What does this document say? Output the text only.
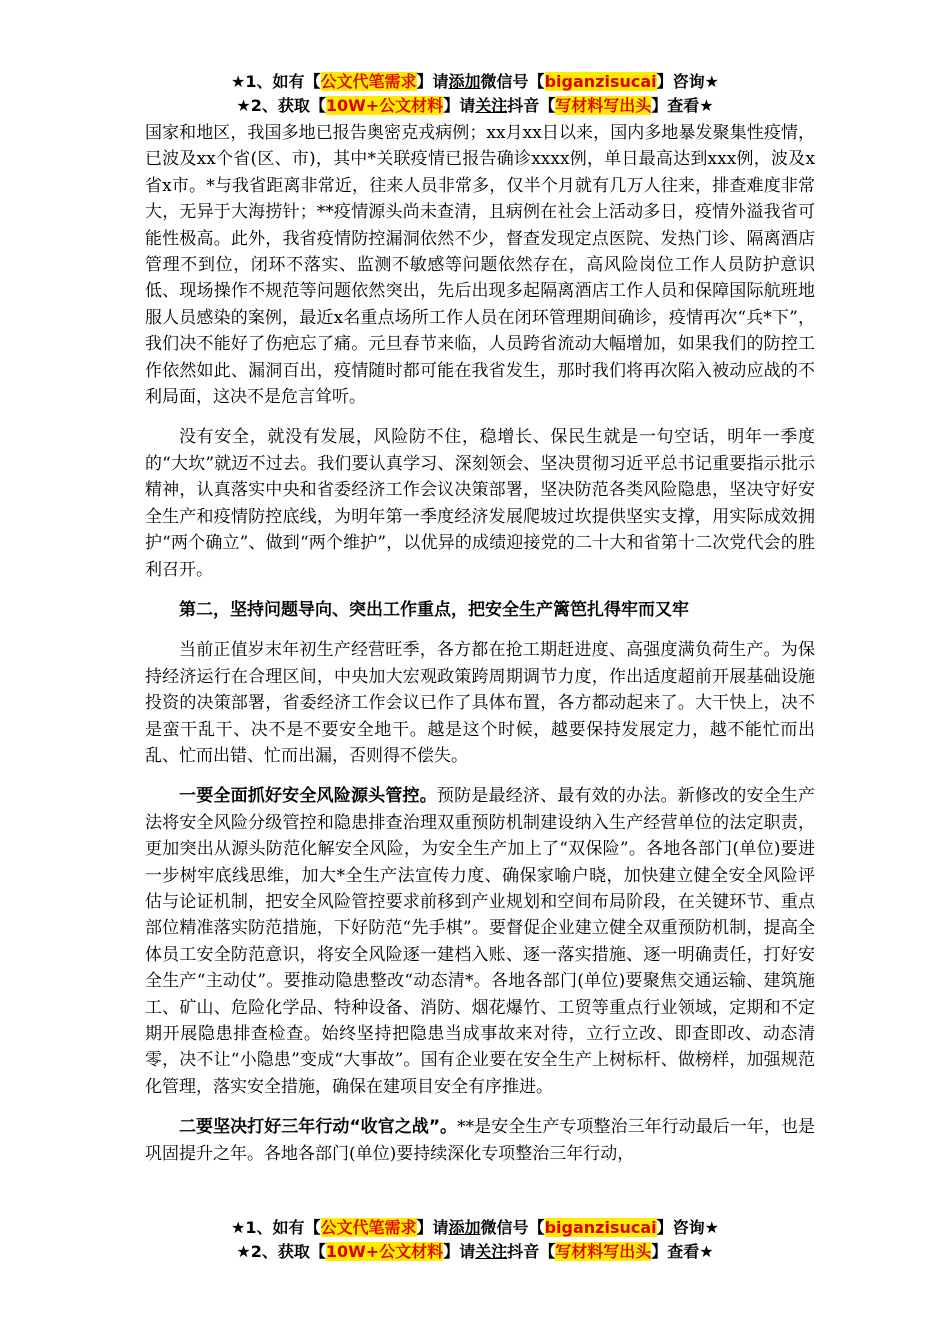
★1、如有【公文代笔需求】请添加微信号【biganzisucai】咨询★
★2、获取【10W+公文材料】请关注抖音【写材料写出头】查看★

国家和地区，我国多地已报告奥密克戎病例；xx月xx日以来，国内多地暴发聚集性疫情，已波及xx个省(区、市)，其中*关联疫情已报告确诊xxxx例，单日最高达到xxx例，波及x省x市。*与我省距离非常近，往来人员非常多，仅半个月就有几万人往来，排查难度非常大，无异于大海捞针；**疫情源头尚未查清，且病例在社会上活动多日，疫情外溢我省可能性极高。此外，我省疫情防控漏洞依然不少，督查发现定点医院、发热门诊、隔离酒店管理不到位，闭环不落实、监测不敏感等问题依然存在，高风险岗位工作人员防护意识低、现场操作不规范等问题依然突出，先后出现多起隔离酒店工作人员和保障国际航班地服人员感染的案例，最近x名重点场所工作人员在闭环管理期间确诊，疫情再次“兵*下”，我们决不能好了伤疤忘了痛。元旦春节来临，人员跨省流动大幅增加，如果我们的防控工作依然如此、漏洞百出，疫情随时都可能在我省发生，那时我们将再次陷入被动应战的不利局面，这决不是危言耸听。

没有安全，就没有发展，风险防不住，稳增长、保民生就是一句空话，明年一季度的“大坎”就迈不过去。我们要认真学习、深刻领会、坚决贯彻习近平总书记重要指示批示精神，认真落实中央和省委经济工作会议决策部署，坚决防范各类风险隐患，坚决守好安全生产和疫情防控底线，为明年第一季度经济发展爬坡过坎提供坚实支撑，用实际成效拥护“两个确立”、做到“两个维护”，以优异的成绩迎接党的二十大和省第十二次党代会的胜利召开。

第二，坚持问题导向、突出工作重点，把安全生产篱笆扎得牢而又牢

当前正值岁末年初生产经营旺季，各方都在抢工期赶进度、高强度满负荷生产。为保持经济运行在合理区间，中央加大宏观政策跨周期调节力度，作出适度超前开展基础设施投资的决策部署，省委经济工作会议已作了具体布置，各方都动起来了。大干快上，决不是蛮干乱干、决不是不要安全地干。越是这个时候，越要保持发展定力，越不能忙而出乱、忙而出错、忙而出漏，否则得不偿失。

一要全面抓好安全风险源头管控。预防是最经济、最有效的办法。新修改的安全生产法将安全风险分级管控和隐患排查治理双重预防机制建设纳入生产经营单位的法定职责，更加突出从源头防范化解安全风险，为安全生产加上了“双保险”。各地各部门(单位)要进一步树牢底线思维，加大*全生产法宣传力度、确保家喻户晓，加快建立健全安全风险评估与论证机制，把安全风险管控要求前移到产业规划和空间布局阶段，在关键环节、重点部位精准落实防范措施，下好防范“先手棋”。要督促企业建立健全双重预防机制，提高全体员工安全防范意识，将安全风险逐一建档入账、逐一落实措施、逐一明确责任，打好安全生产“主动仗”。要推动隐患整改“动态清*。各地各部门(单位)要聚焦交通运输、建筑施工、矿山、危险化学品、特种设备、消防、烟花爆竹、工贸等重点行业领域，定期和不定期开展隐患排查检查。始终坚持把隐患当成事故来对待，立行立改、即查即改、动态清零，决不让“小隐患”变成“大事故”。国有企业要在安全生产上树标杆、做榜样，加强规范化管理，落实安全措施，确保在建项目安全有序推进。

二要坚决打好三年行动“收官之战”。**是安全生产专项整治三年行动最后一年，也是巩固提升之年。各地各部门(单位)要持续深化专项整治三年行动，

★1、如有【公文代笔需求】请添加微信号【biganzisucai】咨询★
★2、获取【10W+公文材料】请关注抖音【写材料写出头】查看★
